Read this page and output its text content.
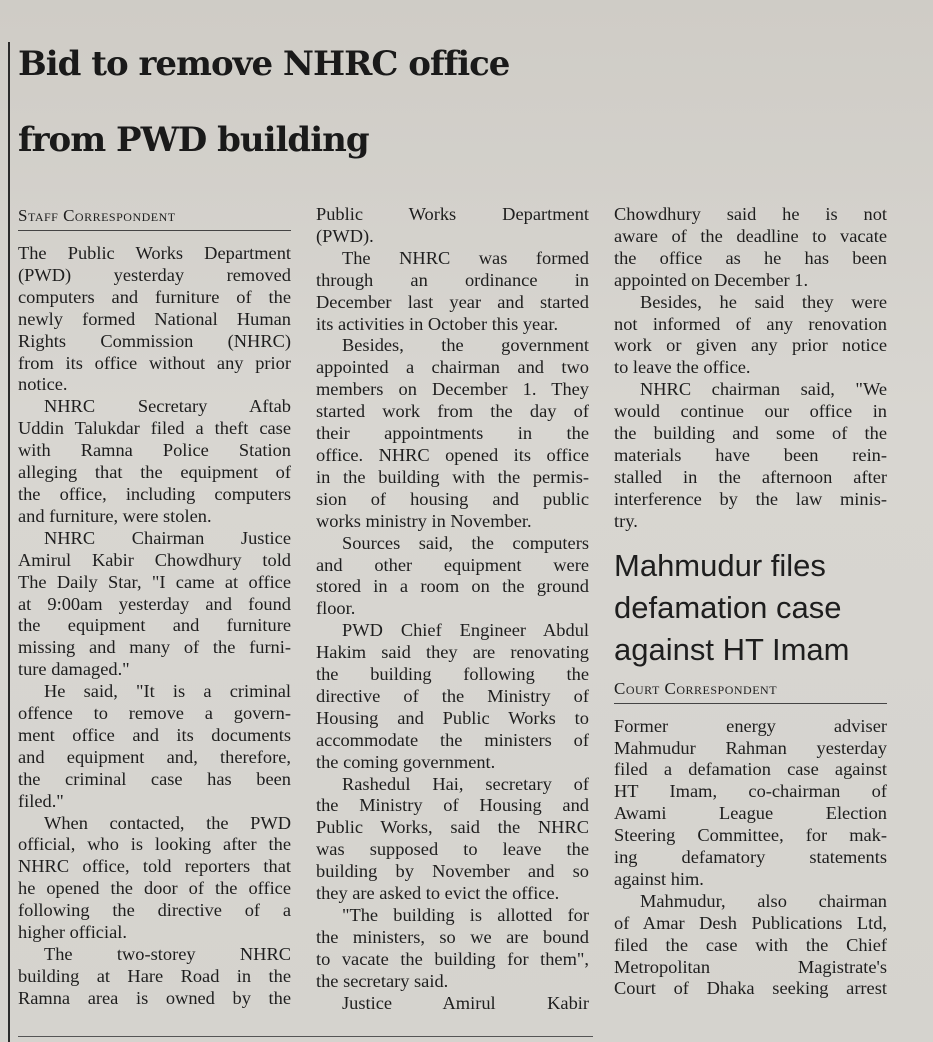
Bid to remove NHRC office
from PWD building
Staff Correspondent
The Public Works Department
(PWD) yesterday removed
computers and furniture of the
newly formed National Human
Rights Commission (NHRC)
from its office without any prior
notice.
NHRC Secretary Aftab
Uddin Talukdar filed a theft case
with Ramna Police Station
alleging that the equipment of
the office, including computers
and furniture, were stolen.
NHRC Chairman Justice
Amirul Kabir Chowdhury told
The Daily Star, "I came at office
at 9:00am yesterday and found
the equipment and furniture
missing and many of the furni-
ture damaged."
He said, "It is a criminal
offence to remove a govern-
ment office and its documents
and equipment and, therefore,
the criminal case has been
filed."
When contacted, the PWD
official, who is looking after the
NHRC office, told reporters that
he opened the door of the office
following the directive of a
higher official.
The two-storey NHRC
building at Hare Road in the
Ramna area is owned by the
Public Works Department
(PWD).
The NHRC was formed
through an ordinance in
December last year and started
its activities in October this year.
Besides, the government
appointed a chairman and two
members on December 1. They
started work from the day of
their appointments in the
office. NHRC opened its office
in the building with the permis-
sion of housing and public
works ministry in November.
Sources said, the computers
and other equipment were
stored in a room on the ground
floor.
PWD Chief Engineer Abdul
Hakim said they are renovating
the building following the
directive of the Ministry of
Housing and Public Works to
accommodate the ministers of
the coming government.
Rashedul Hai, secretary of
the Ministry of Housing and
Public Works, said the NHRC
was supposed to leave the
building by November and so
they are asked to evict the office.
"The building is allotted for
the ministers, so we are bound
to vacate the building for them",
the secretary said.
Justice Amirul Kabir
Chowdhury said he is not
aware of the deadline to vacate
the office as he has been
appointed on December 1.
Besides, he said they were
not informed of any renovation
work or given any prior notice
to leave the office.
NHRC chairman said, "We
would continue our office in
the building and some of the
materials have been rein-
stalled in the afternoon after
interference by the law minis-
try.
Mahmudur files
defamation case
against HT Imam
Court Correspondent
Former energy adviser
Mahmudur Rahman yesterday
filed a defamation case against
HT Imam, co-chairman of
Awami League Election
Steering Committee, for mak-
ing defamatory statements
against him.
Mahmudur, also chairman
of Amar Desh Publications Ltd,
filed the case with the Chief
Metropolitan Magistrate's
Court of Dhaka seeking arrest
